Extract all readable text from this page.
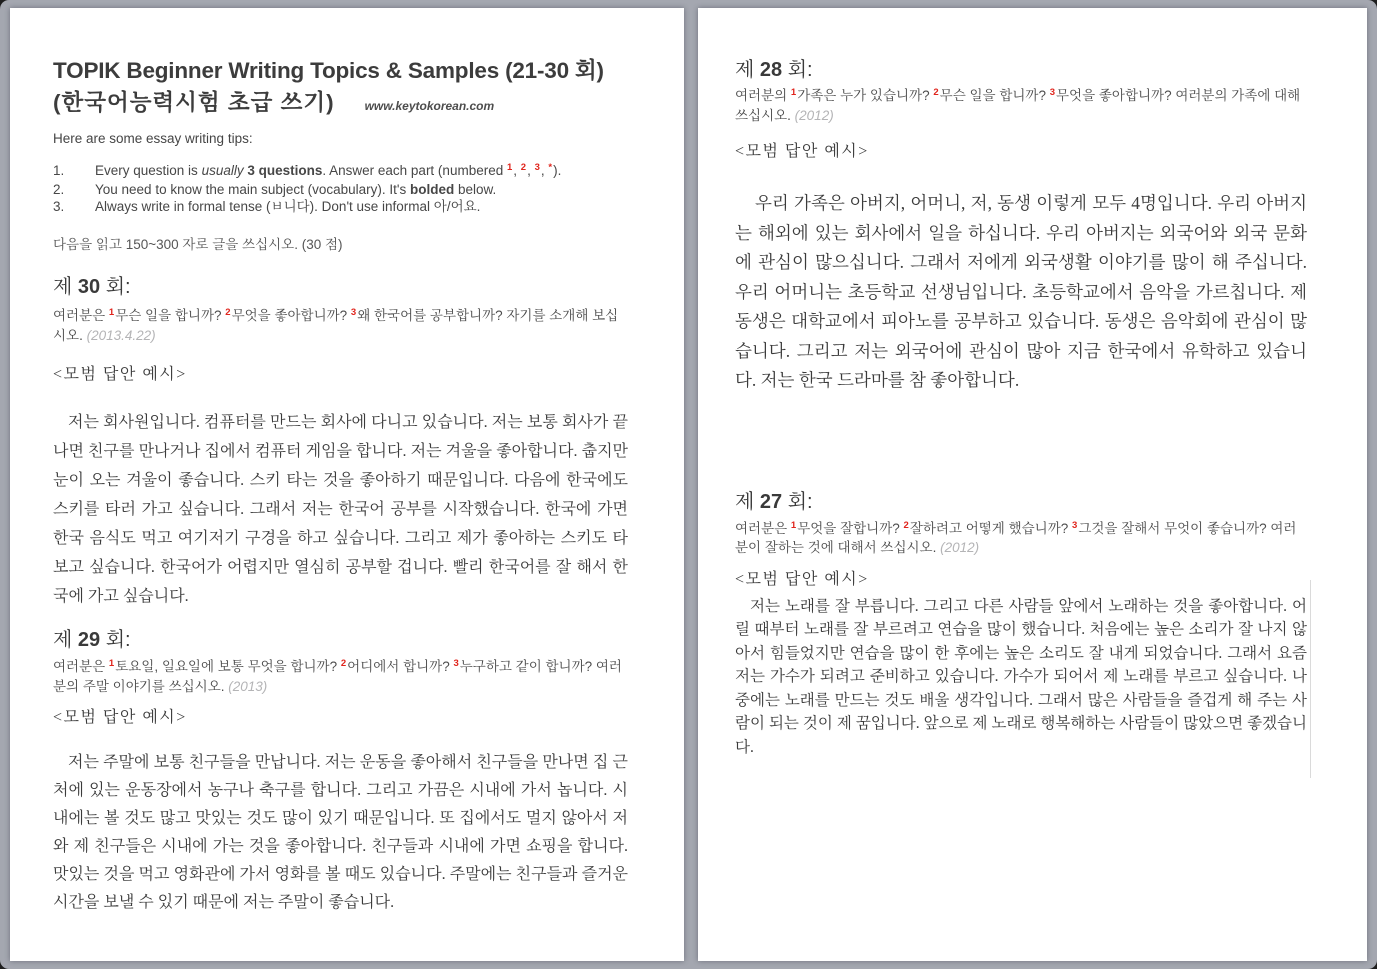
TOPIK Beginner Writing Topics & Samples (21-30 회)
(한국어능력시험 초급 쓰기)	www.keytokorean.com

Here are some essay writing tips:

1.	Every question is usually 3 questions. Answer each part (numbered $^1$, $^2$, $^3$, *).
2.	You need to know the main subject (vocabulary). It's bolded below.
3.	Always write in formal tense (ㅂ니다). Don't use informal 아/어요.

다음을 읽고 150~300 자로 글을 쓰십시오. (30 점)

제 30 회:

여러분은 $^1$무슨 일을 합니까? $^2$무엇을 좋아합니까? $^3$왜 한국어를 공부합니까? 자기를 소개해 보십시오. (2013.4.22)

<모범 답안 예시>

저는 회사원입니다. 컴퓨터를 만드는 회사에 다니고 있습니다. 저는 보통 회사가 끝나면 친구를 만나거나 집에서 컴퓨터 게임을 합니다. 저는 겨울을 좋아합니다. 춥지만 눈이 오는 겨울이 좋습니다. 스키 타는 것을 좋아하기 때문입니다. 다음에 한국에도 스키를 타러 가고 싶습니다. 그래서 저는 한국어 공부를 시작했습니다. 한국에 가면 한국 음식도 먹고 여기저기 구경을 하고 싶습니다. 그리고 제가 좋아하는 스키도 타 보고 싶습니다. 한국어가 어렵지만 열심히 공부할 겁니다. 빨리 한국어를 잘 해서 한국에 가고 싶습니다.

제 29 회:

여러분은 $^1$토요일, 일요일에 보통 무엇을 합니까? $^2$어디에서 합니까? $^3$누구하고 같이 합니까? 여러분의 주말 이야기를 쓰십시오. (2013)

<모범 답안 예시>

저는 주말에 보통 친구들을 만납니다. 저는 운동을 좋아해서 친구들을 만나면 집 근처에 있는 운동장에서 농구나 축구를 합니다. 그리고 가끔은 시내에 가서 놉니다. 시내에는 볼 것도 많고 맛있는 것도 많이 있기 때문입니다. 또 집에서도 멀지 않아서 저와 제 친구들은 시내에 가는 것을 좋아합니다. 친구들과 시내에 가면 쇼핑을 합니다. 맛있는 것을 먹고 영화관에 가서 영화를 볼 때도 있습니다. 주말에는 친구들과 즐거운 시간을 보낼 수 있기 때문에 저는 주말이 좋습니다.

제 28 회:

여러분의 $^1$가족은 누가 있습니까? $^2$무슨 일을 합니까? $^3$무엇을 좋아합니까? 여러분의 가족에 대해 쓰십시오. (2012)

<모범 답안 예시>

우리 가족은 아버지, 어머니, 저, 동생 이렇게 모두 4명입니다. 우리 아버지는 해외에 있는 회사에서 일을 하십니다. 우리 아버지는 외국어와 외국 문화에 관심이 많으십니다. 그래서 저에게 외국생활 이야기를 많이 해 주십니다. 우리 어머니는 초등학교 선생님입니다. 초등학교에서 음악을 가르칩니다. 제 동생은 대학교에서 피아노를 공부하고 있습니다. 동생은 음악회에 관심이 많습니다. 그리고 저는 외국어에 관심이 많아 지금 한국에서 유학하고 있습니다. 저는 한국 드라마를 참 좋아합니다.

제 27 회:

여러분은 $^1$무엇을 잘합니까? $^2$잘하려고 어떻게 했습니까? $^3$그것을 잘해서 무엇이 좋습니까? 여러분이 잘하는 것에 대해서 쓰십시오. (2012)

<모범 답안 예시>

저는 노래를 잘 부릅니다. 그리고 다른 사람들 앞에서 노래하는 것을 좋아합니다. 어릴 때부터 노래를 잘 부르려고 연습을 많이 했습니다. 처음에는 높은 소리가 잘 나지 않아서 힘들었지만 연습을 많이 한 후에는 높은 소리도 잘 내게 되었습니다. 그래서 요즘 저는 가수가 되려고 준비하고 있습니다. 가수가 되어서 제 노래를 부르고 싶습니다. 나중에는 노래를 만드는 것도 배울 생각입니다. 그래서 많은 사람들을 즐겁게 해 주는 사람이 되는 것이 제 꿈입니다. 앞으로 제 노래로 행복해하는 사람들이 많았으면 좋겠습니다.
